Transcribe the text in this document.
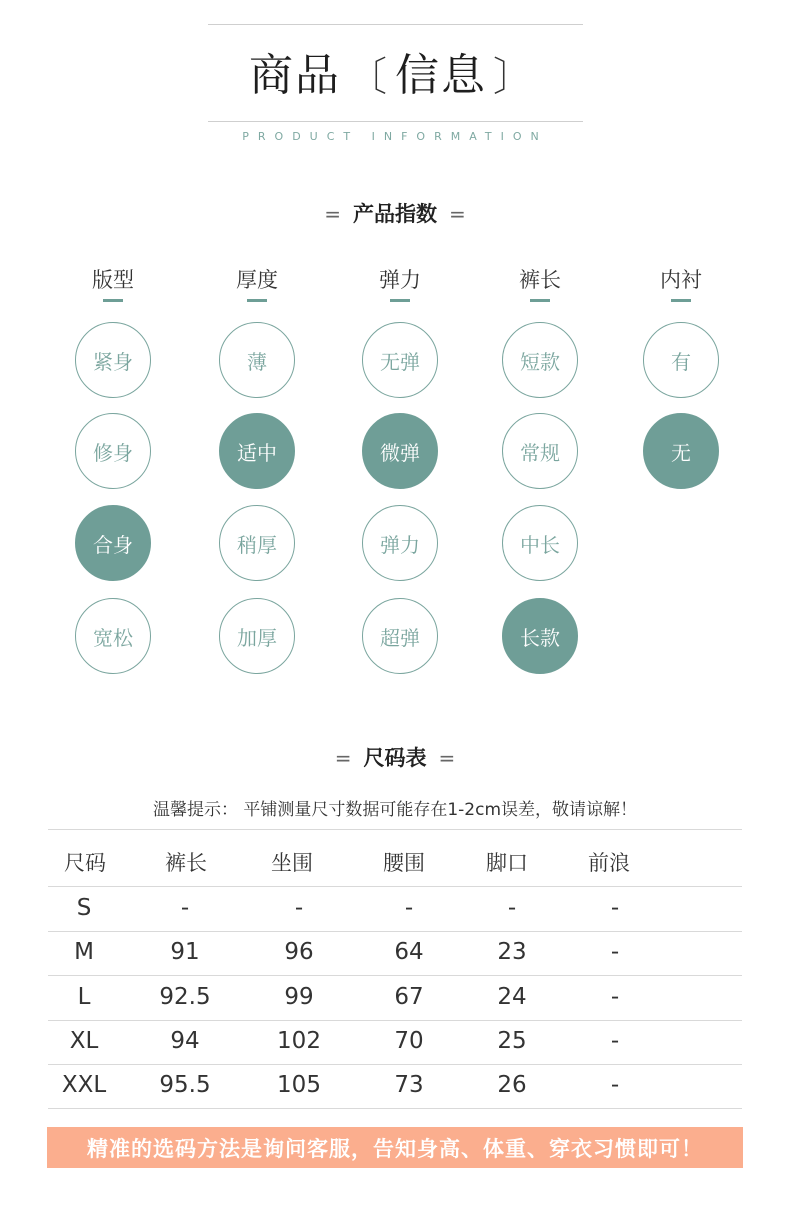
商品 〔 信息 〕
PRODUCT INFORMATION
= 产品指数 =
版型
紧身
修身
合身
宽松
厚度
薄
适中
稍厚
加厚
弹力
无弹
微弹
弹力
超弹
裤长
短款
常规
中长
长款
内衬
有
无
= 尺码表 =
温馨提示： 平铺测量尺寸数据可能存在1-2cm误差，敬请谅解！
尺码	裤长	坐围	腰围	脚口	前浪
S	-	-	-	-	-
M	91	96	64	23	-
L	92.5	99	67	24	-
XL	94	102	70	25	-
XXL	95.5	105	73	26	-
精准的选码方法是询问客服，告知身高、体重、穿衣习惯即可！
